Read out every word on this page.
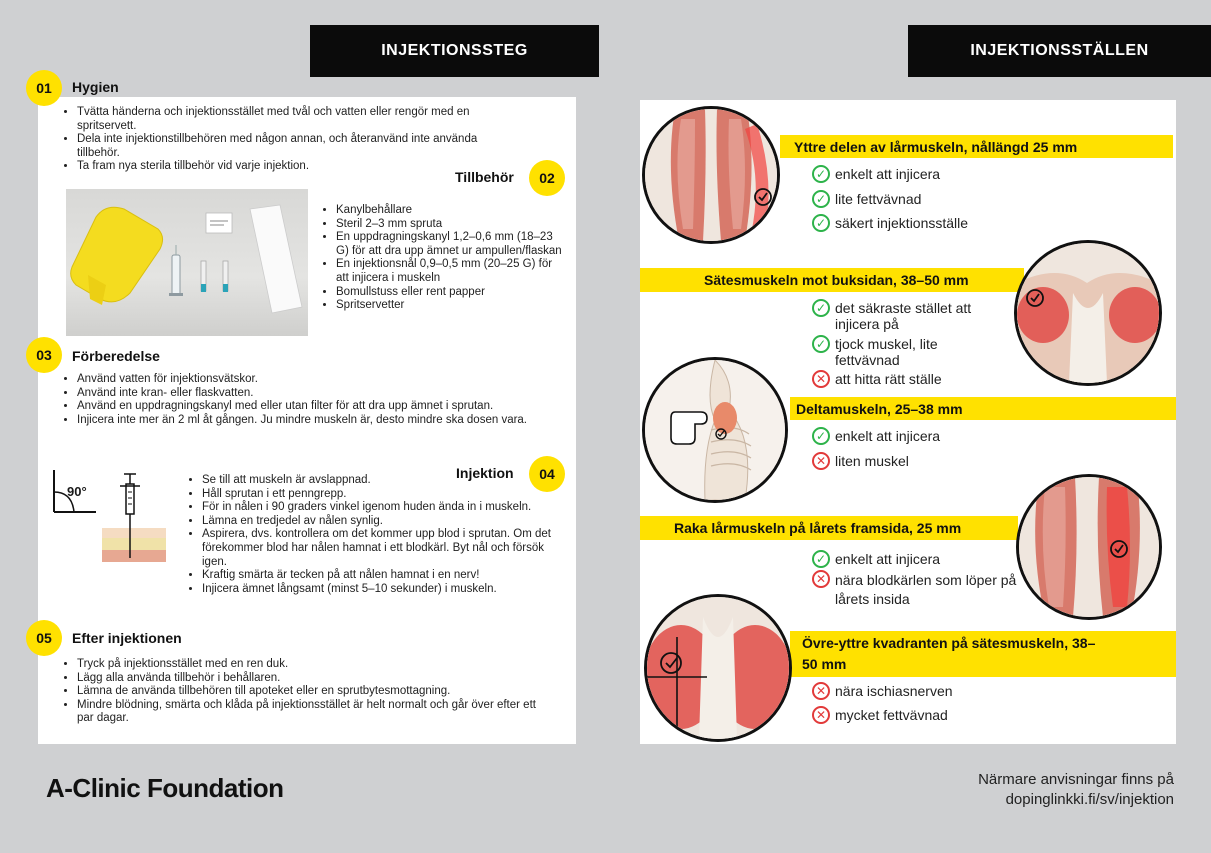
INJEKTIONSSTEG	INJEKTIONSSTÄLLEN
01	Hygien
• Tvätta händerna och injektionsstället med tvål och vatten eller rengör med en spritservett.
• Dela inte injektionstillbehören med någon annan, och återanvänd inte använda tillbehör.
• Ta fram nya sterila tillbehör vid varje injektion.
Tillbehör	02
• Kanylbehållare
• Steril 2–3 mm spruta
• En uppdragningskanyl 1,2–0,6 mm (18–23 G) för att dra upp ämnet ur ampullen/flaskan
• En injektionsnål 0,9–0,5 mm (20–25 G) för att injicera i muskeln
• Bomullstuss eller rent papper
• Spritservetter
03	Förberedelse
• Använd vatten för injektionsvätskor.
• Använd inte kran- eller flaskvatten.
• Använd en uppdragningskanyl med eller utan filter för att dra upp ämnet i sprutan.
• Injicera inte mer än 2 ml åt gången. Ju mindre muskeln är, desto mindre ska dosen vara.
Injektion	04
90°
• Se till att muskeln är avslappnad.
• Håll sprutan i ett penngrepp.
• För in nålen i 90 graders vinkel igenom huden ända in i muskeln.
• Lämna en tredjedel av nålen synlig.
• Aspirera, dvs. kontrollera om det kommer upp blod i sprutan. Om det förekommer blod har nålen hamnat i ett blodkärl. Byt nål och försök igen.
• Kraftig smärta är tecken på att nålen hamnat i en nerv!
• Injicera ämnet långsamt (minst 5–10 sekunder) i muskeln.
05	Efter injektionen
• Tryck på injektionsstället med en ren duk.
• Lägg alla använda tillbehör i behållaren.
• Lämna de använda tillbehören till apoteket eller en sprutbytesmottagning.
• Mindre blödning, smärta och klåda på injektionsstället är helt normalt och går över efter ett par dagar.
Yttre delen av lårmuskeln, nållängd 25 mm
✓ enkelt att injicera
✓ lite fettvävnad
✓ säkert injektionsställe
Sätesmuskeln mot buksidan, 38–50 mm
✓ det säkraste stället att injicera på
✓ tjock muskel, lite fettvävnad
✕ att hitta rätt ställe
Deltamuskeln, 25–38 mm
✓ enkelt att injicera
✕ liten muskel
Raka lårmuskeln på lårets framsida, 25 mm
✓ enkelt att injicera
✕ nära blodkärlen som löper på lårets insida
Övre-yttre kvadranten på sätesmuskeln, 38–50 mm
✕ nära ischiasnerven
✕ mycket fettvävnad
A-Clinic Foundation	Närmare anvisningar finns på
dopinglinkki.fi/sv/injektion
